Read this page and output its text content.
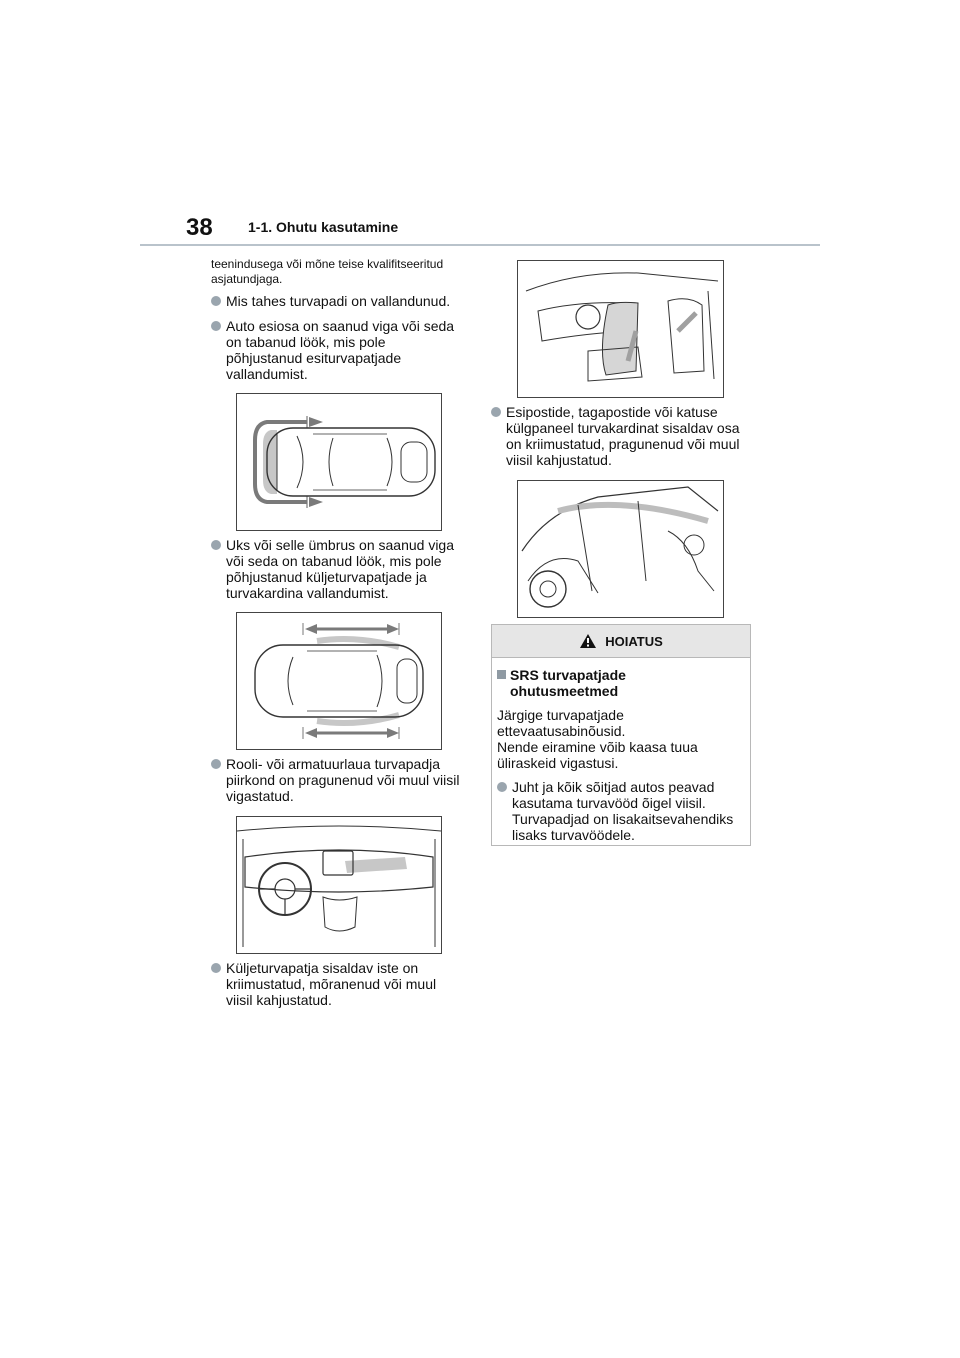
38	1-1. Ohutu kasutamine
teenindusega või mõne teise kvalifitseeritud
asjatundjaga.
Mis tahes turvapadi on vallandunud.
Auto esiosa on saanud viga või seda
on tabanud löök, mis pole
põhjustanud esiturvapatjade
vallandumist.
Uks või selle ümbrus on saanud viga
või seda on tabanud löök, mis pole
põhjustanud küljeturvapatjade ja
turvakardina vallandumist.
Rooli- või armatuurlaua turvapadja
piirkond on pragunenud või muul viisil
vigastatud.
Küljeturvapatja sisaldav iste on
kriimustatud, mõranenud või muul
viisil kahjustatud.
Esipostide, tagapostide või katuse
külgpaneel turvakardinat sisaldav osa
on kriimustatud, pragunenud või muul
viisil kahjustatud.
HOIATUS
SRS turvapatjade
ohutusmeetmed
Järgige turvapatjade
ettevaatusabinõusid.
Nende eiramine võib kaasa tuua
üliraskeid vigastusi.
Juht ja kõik sõitjad autos peavad
kasutama turvavööd õigel viisil.
Turvapadjad on lisakaitsevahendiks
lisaks turvavöödele.
